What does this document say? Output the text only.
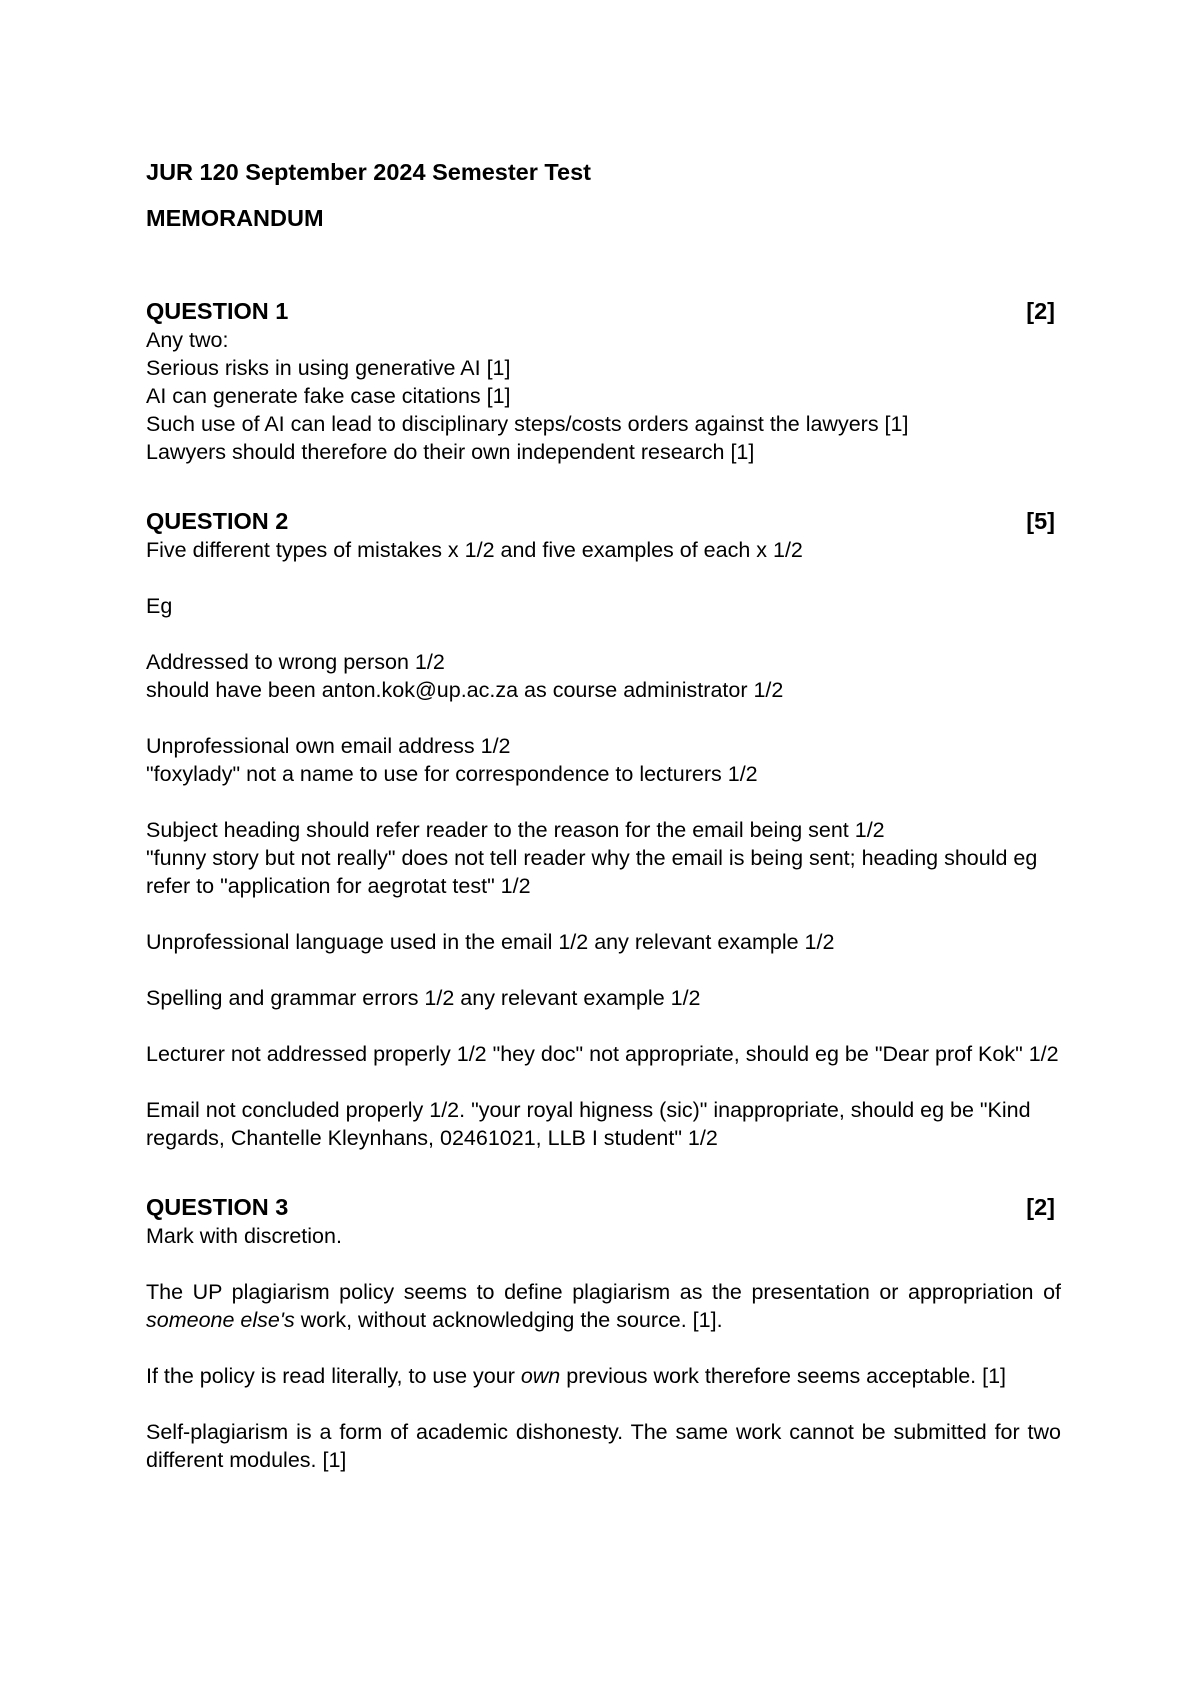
JUR 120 September 2024 Semester Test

MEMORANDUM

QUESTION 1	[2]

Any two:

Serious risks in using generative AI [1]

AI can generate fake case citations [1]

Such use of AI can lead to disciplinary steps/costs orders against the lawyers [1]

Lawyers should therefore do their own independent research [1]

QUESTION 2	[5]

Five different types of mistakes x 1/2 and five examples of each x 1/2

Eg

Addressed to wrong person 1/2

should have been anton.kok@up.ac.za as course administrator 1/2

Unprofessional own email address 1/2

"foxylady" not a name to use for correspondence to lecturers 1/2

Subject heading should refer reader to the reason for the email being sent 1/2

"funny story but not really" does not tell reader why the email is being sent; heading should eg refer to "application for aegrotat test" 1/2

Unprofessional language used in the email 1/2 any relevant example 1/2

Spelling and grammar errors 1/2 any relevant example 1/2

Lecturer not addressed properly 1/2 "hey doc" not appropriate, should eg be "Dear prof Kok" 1/2

Email not concluded properly 1/2. "your royal higness (sic)" inappropriate, should eg be "Kind regards, Chantelle Kleynhans, 02461021, LLB I student" 1/2

QUESTION 3	[2]

Mark with discretion.

The UP plagiarism policy seems to define plagiarism as the presentation or appropriation of someone else's work, without acknowledging the source. [1].

If the policy is read literally, to use your own previous work therefore seems acceptable. [1]

Self-plagiarism is a form of academic dishonesty. The same work cannot be submitted for two different modules. [1]
